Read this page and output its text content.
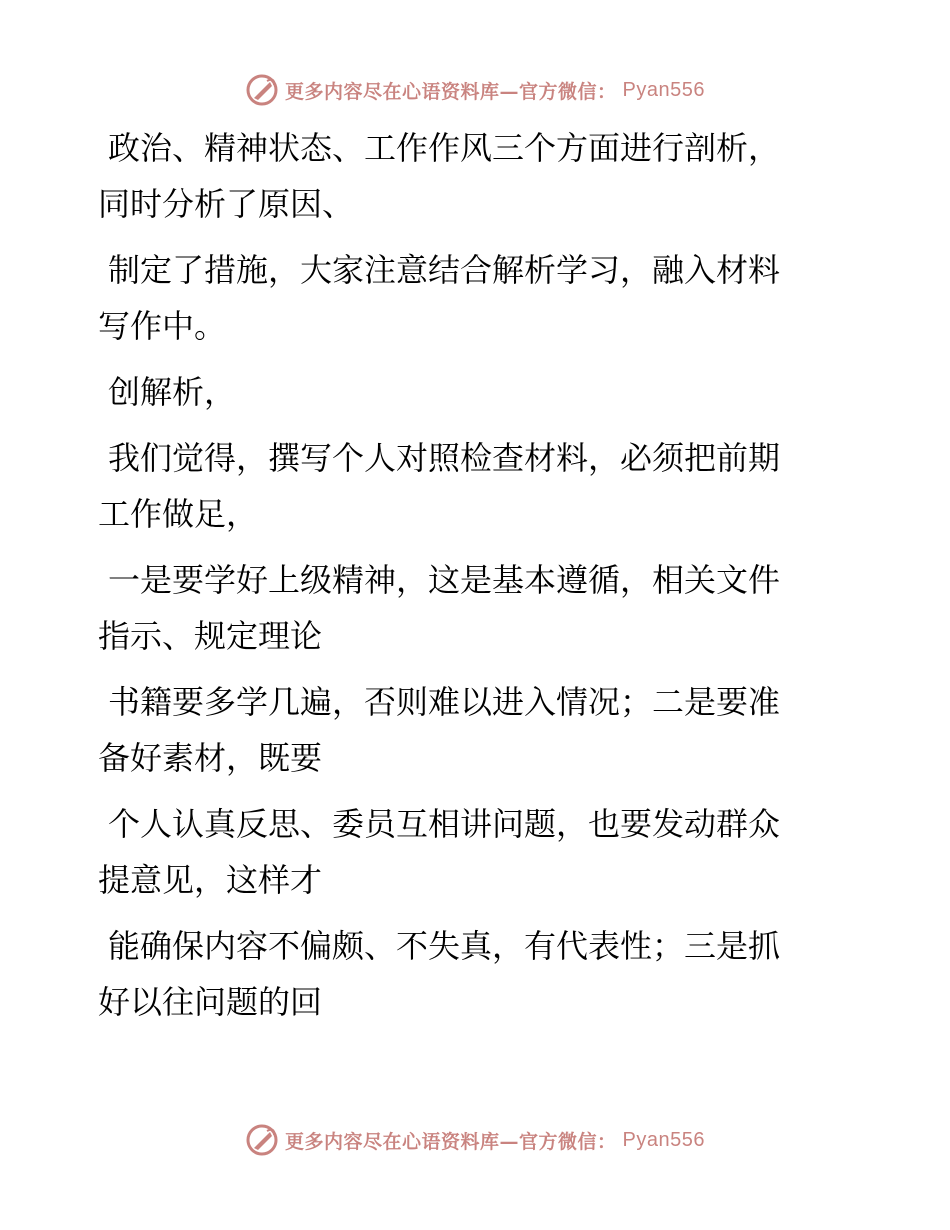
更多内容尽在心语资料库—官方微信： Pyan556

政治、精神状态、工作作风三个方面进行剖析，
同时分析了原因、

制定了措施，大家注意结合解析学习，融入材料
写作中。

创解析，

我们觉得，撰写个人对照检查材料，必须把前期
工作做足，

一是要学好上级精神，这是基本遵循，相关文件
指示、规定理论

书籍要多学几遍，否则难以进入情况；二是要准
备好素材，既要

个人认真反思、委员互相讲问题，也要发动群众
提意见，这样才

能确保内容不偏颇、不失真，有代表性；三是抓
好以往问题的回

更多内容尽在心语资料库—官方微信： Pyan556
